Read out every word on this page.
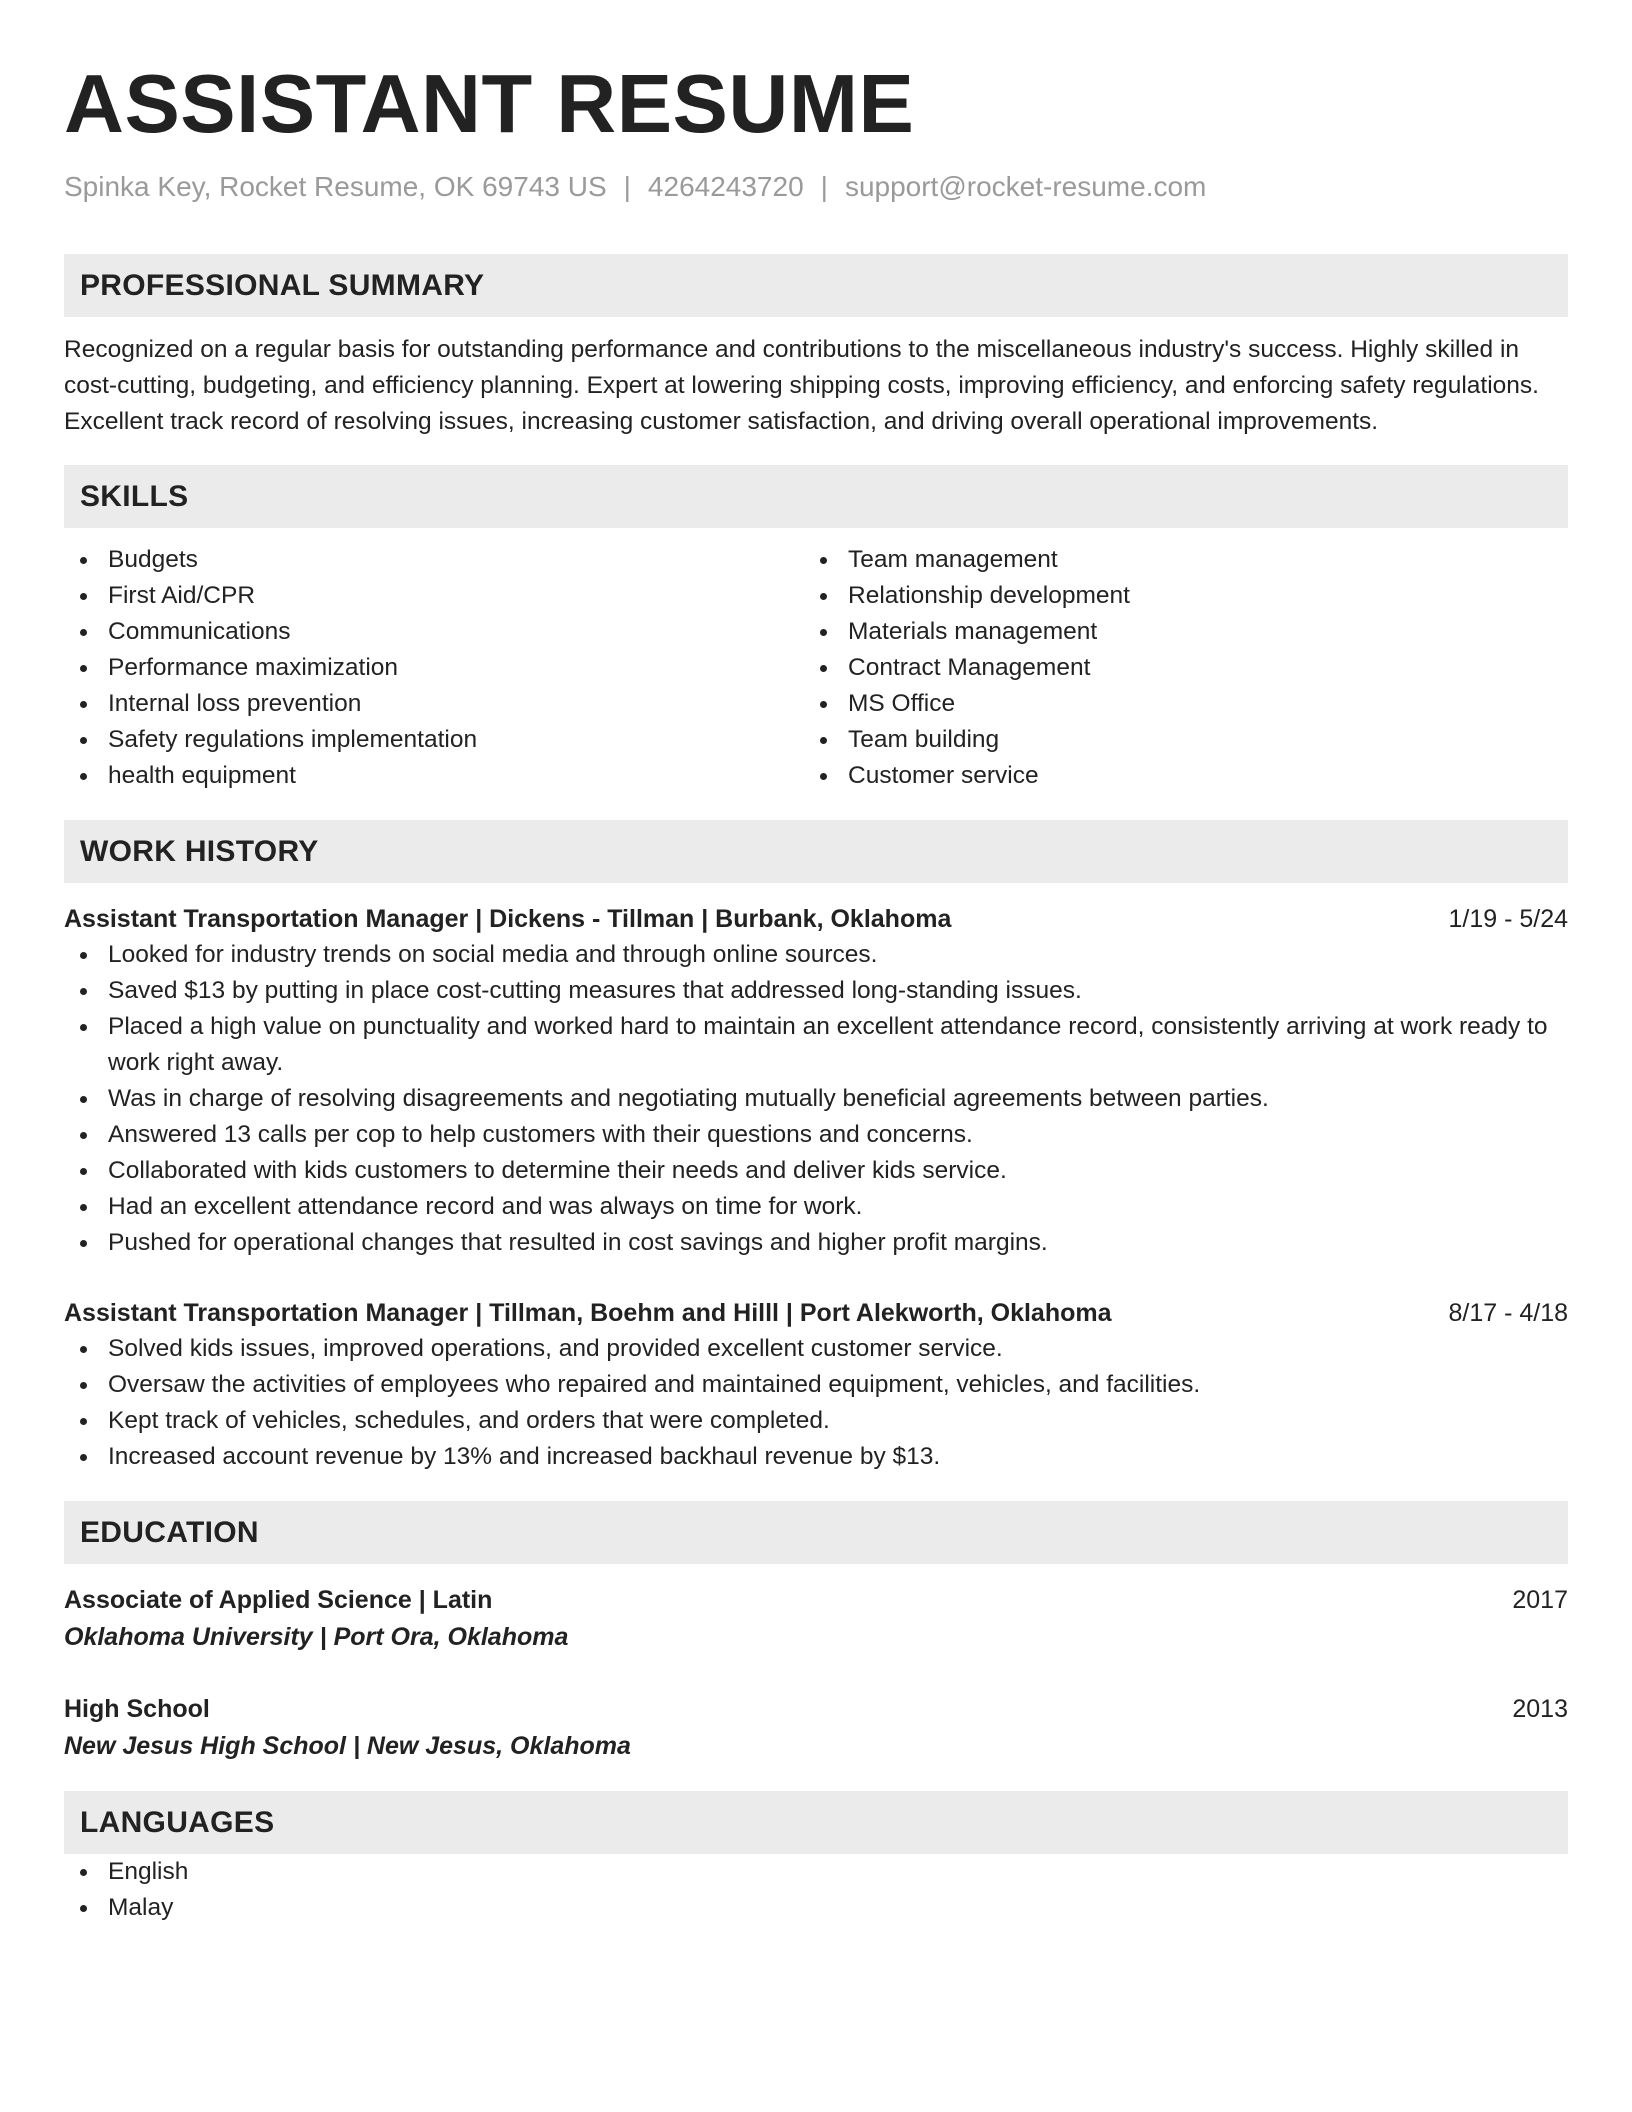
ASSISTANT RESUME
Spinka Key, Rocket Resume, OK 69743 US | 4264243720 | support@rocket-resume.com
PROFESSIONAL SUMMARY
Recognized on a regular basis for outstanding performance and contributions to the miscellaneous industry's success. Highly skilled in cost-cutting, budgeting, and efficiency planning. Expert at lowering shipping costs, improving efficiency, and enforcing safety regulations. Excellent track record of resolving issues, increasing customer satisfaction, and driving overall operational improvements.
SKILLS
Budgets
First Aid/CPR
Communications
Performance maximization
Internal loss prevention
Safety regulations implementation
health equipment
Team management
Relationship development
Materials management
Contract Management
MS Office
Team building
Customer service
WORK HISTORY
Assistant Transportation Manager | Dickens - Tillman | Burbank, Oklahoma	1/19 - 5/24
Looked for industry trends on social media and through online sources.
Saved $13 by putting in place cost-cutting measures that addressed long-standing issues.
Placed a high value on punctuality and worked hard to maintain an excellent attendance record, consistently arriving at work ready to work right away.
Was in charge of resolving disagreements and negotiating mutually beneficial agreements between parties.
Answered 13 calls per cop to help customers with their questions and concerns.
Collaborated with kids customers to determine their needs and deliver kids service.
Had an excellent attendance record and was always on time for work.
Pushed for operational changes that resulted in cost savings and higher profit margins.
Assistant Transportation Manager | Tillman, Boehm and Hilll | Port Alekworth, Oklahoma	8/17 - 4/18
Solved kids issues, improved operations, and provided excellent customer service.
Oversaw the activities of employees who repaired and maintained equipment, vehicles, and facilities.
Kept track of vehicles, schedules, and orders that were completed.
Increased account revenue by 13% and increased backhaul revenue by $13.
EDUCATION
Associate of Applied Science | Latin	2017
Oklahoma University | Port Ora, Oklahoma
High School	2013
New Jesus High School | New Jesus, Oklahoma
LANGUAGES
English
Malay
